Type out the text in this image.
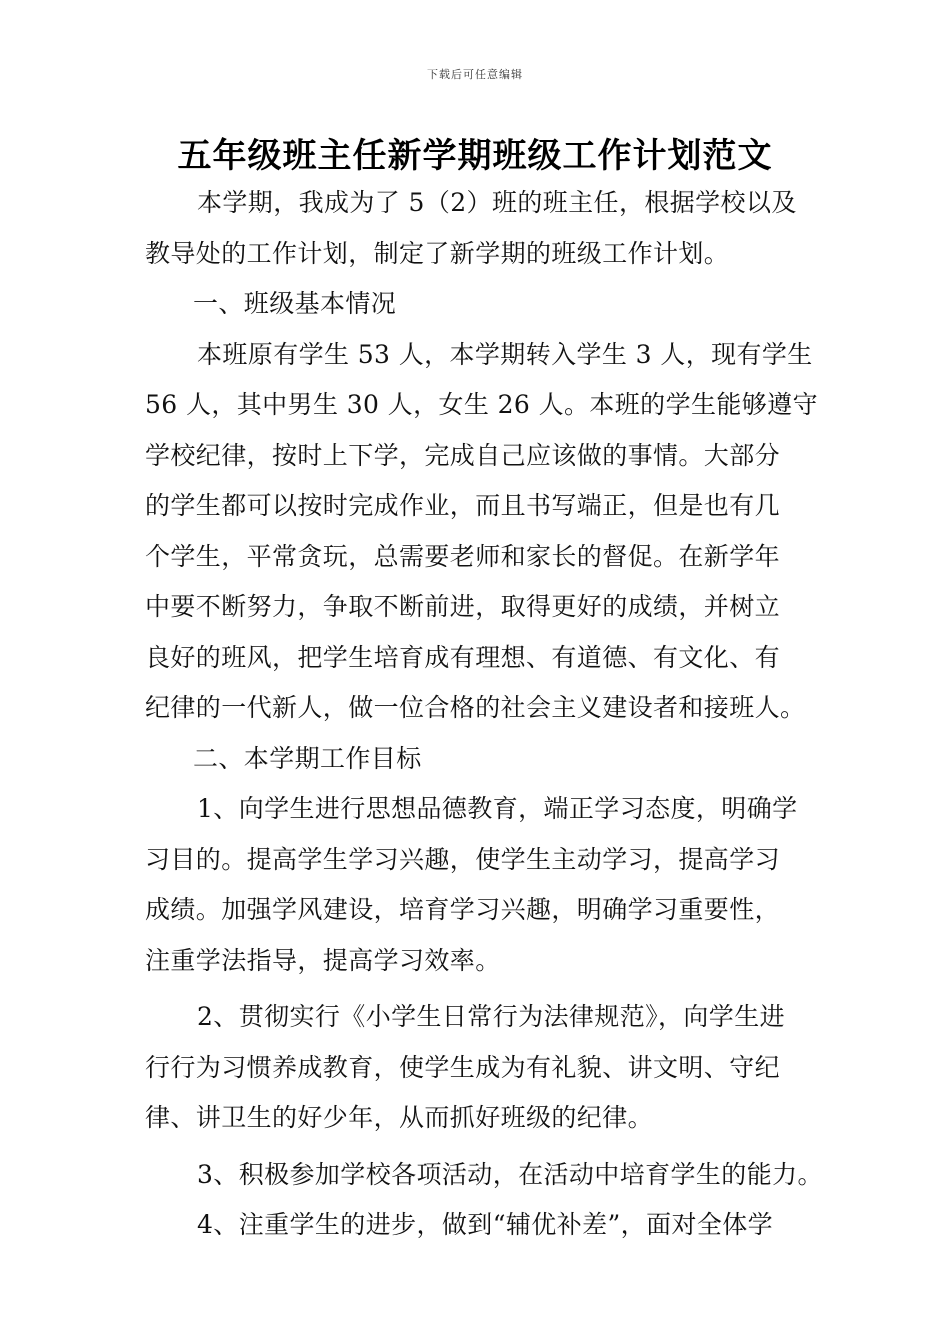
下载后可任意编辑
五年级班主任新学期班级工作计划范文
本学期，我成为了 5（2）班的班主任，根据学校以及
教导处的工作计划，制定了新学期的班级工作计划。
一、班级基本情况
本班原有学生 53 人，本学期转入学生 3 人，现有学生
56 人，其中男生 30 人，女生 26 人。本班的学生能够遵守
学校纪律，按时上下学，完成自己应该做的事情。大部分
的学生都可以按时完成作业，而且书写端正，但是也有几
个学生，平常贪玩，总需要老师和家长的督促。在新学年
中要不断努力，争取不断前进，取得更好的成绩，并树立
良好的班风，把学生培育成有理想、有道德、有文化、有
纪律的一代新人，做一位合格的社会主义建设者和接班人。
二、本学期工作目标
1、向学生进行思想品德教育，端正学习态度，明确学
习目的。提高学生学习兴趣，使学生主动学习，提高学习
成绩。加强学风建设，培育学习兴趣，明确学习重要性，
注重学法指导，提高学习效率。
2、贯彻实行《小学生日常行为法律规范》，向学生进
行行为习惯养成教育，使学生成为有礼貌、讲文明、守纪
律、讲卫生的好少年，从而抓好班级的纪律。
3、积极参加学校各项活动，在活动中培育学生的能力。
4、注重学生的进步，做到“辅优补差”，面对全体学
